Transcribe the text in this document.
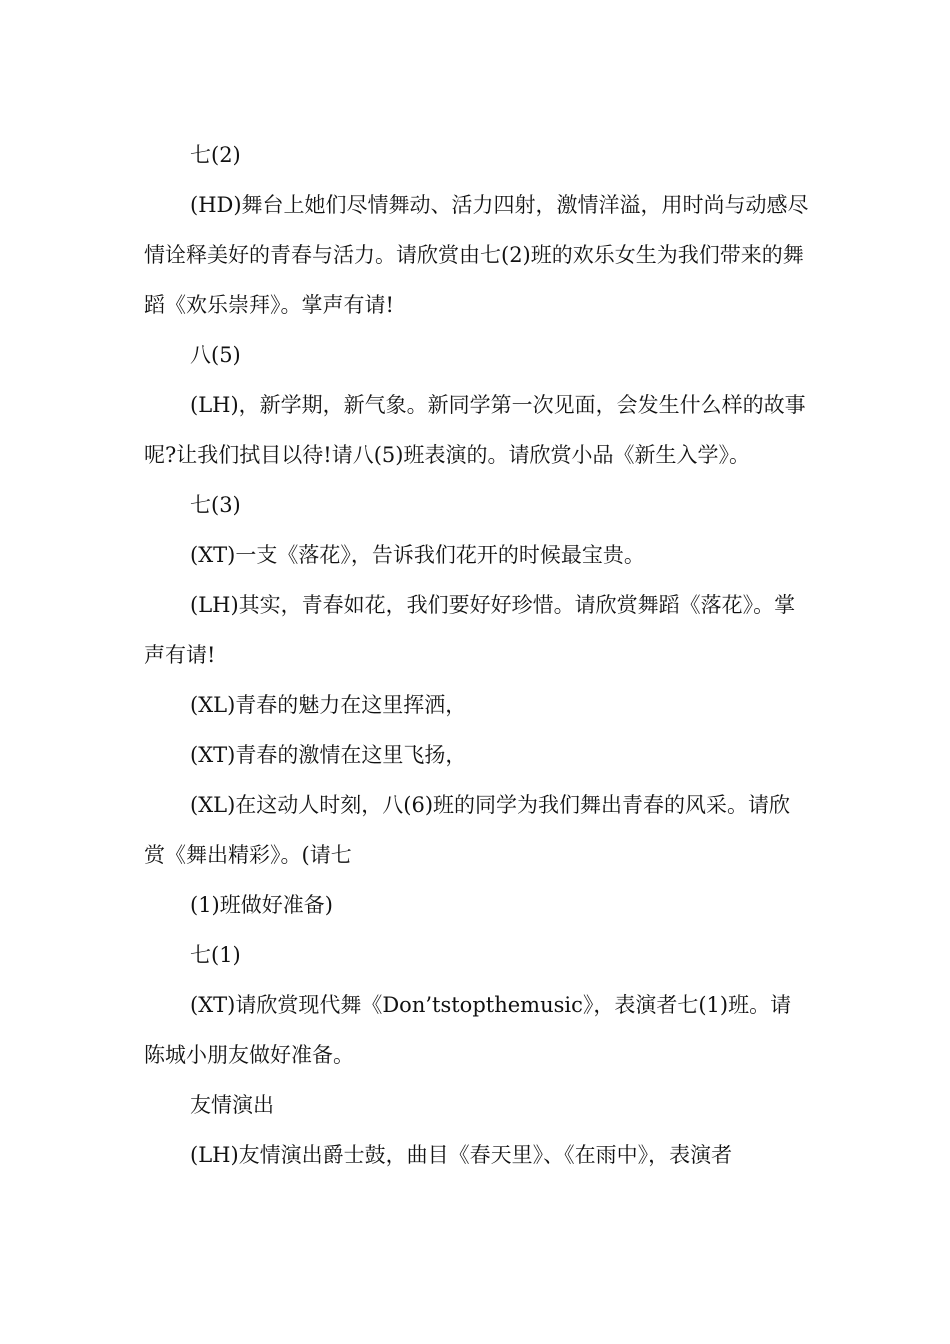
七(2)

(HD)舞台上她们尽情舞动、活力四射，激情洋溢，用时尚与动感尽情诠释美好的青春与活力。请欣赏由七(2)班的欢乐女生为我们带来的舞蹈《欢乐崇拜》。掌声有请!

八(5)

(LH)，新学期，新气象。新同学第一次见面，会发生什么样的故事呢?让我们拭目以待!请八(5)班表演的。请欣赏小品《新生入学》。

七(3)

(XT)一支《落花》，告诉我们花开的时候最宝贵。

(LH)其实，青春如花，我们要好好珍惜。请欣赏舞蹈《落花》。掌声有请!

(XL)青春的魅力在这里挥洒，

(XT)青春的激情在这里飞扬，

(XL)在这动人时刻，八(6)班的同学为我们舞出青春的风采。请欣赏《舞出精彩》。(请七

(1)班做好准备)

七(1)

(XT)请欣赏现代舞《Don’tstopthemusic》，表演者七(1)班。请陈城小朋友做好准备。

友情演出

(LH)友情演出爵士鼓，曲目《春天里》、《在雨中》，表演者
